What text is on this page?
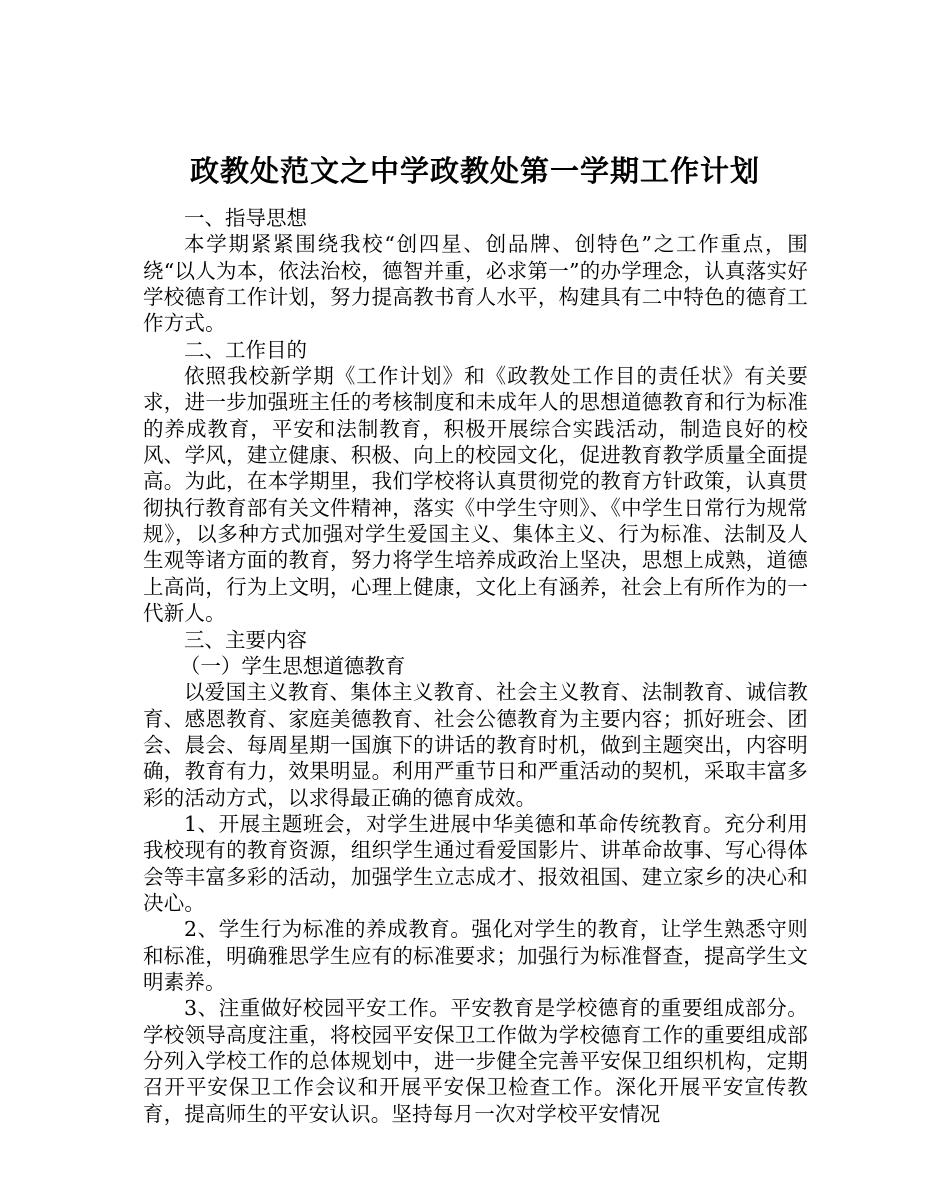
政教处范文之中学政教处第一学期工作计划

一、指导思想

本学期紧紧围绕我校“创四星、创品牌、创特色”之工作重点，围绕“以人为本，依法治校，德智并重，必求第一”的办学理念，认真落实好学校德育工作计划，努力提高教书育人水平，构建具有二中特色的德育工作方式。

二、工作目的

依照我校新学期《工作计划》和《政教处工作目的责任状》有关要求，进一步加强班主任的考核制度和未成年人的思想道德教育和行为标准的养成教育，平安和法制教育，积极开展综合实践活动，制造良好的校风、学风，建立健康、积极、向上的校园文化，促进教育教学质量全面提高。为此，在本学期里，我们学校将认真贯彻党的教育方针政策，认真贯彻执行教育部有关文件精神，落实《中学生守则》、《中学生日常行为规常规》，以多种方式加强对学生爱国主义、集体主义、行为标准、法制及人生观等诸方面的教育，努力将学生培养成政治上坚决，思想上成熟，道德上高尚，行为上文明，心理上健康，文化上有涵养，社会上有所作为的一代新人。

三、主要内容

（一）学生思想道德教育

以爱国主义教育、集体主义教育、社会主义教育、法制教育、诚信教育、感恩教育、家庭美德教育、社会公德教育为主要内容；抓好班会、团会、晨会、每周星期一国旗下的讲话的教育时机，做到主题突出，内容明确，教育有力，效果明显。利用严重节日和严重活动的契机，采取丰富多彩的活动方式，以求得最正确的德育成效。

1、开展主题班会，对学生进展中华美德和革命传统教育。充分利用我校现有的教育资源，组织学生通过看爱国影片、讲革命故事、写心得体会等丰富多彩的活动，加强学生立志成才、报效祖国、建立家乡的决心和决心。

2、学生行为标准的养成教育。强化对学生的教育，让学生熟悉守则和标准，明确雅思学生应有的标准要求；加强行为标准督查，提高学生文明素养。

3、注重做好校园平安工作。平安教育是学校德育的重要组成部分。学校领导高度注重，将校园平安保卫工作做为学校德育工作的重要组成部分列入学校工作的总体规划中，进一步健全完善平安保卫组织机构，定期召开平安保卫工作会议和开展平安保卫检查工作。深化开展平安宣传教育，提高师生的平安认识。坚持每月一次对学校平安情况
